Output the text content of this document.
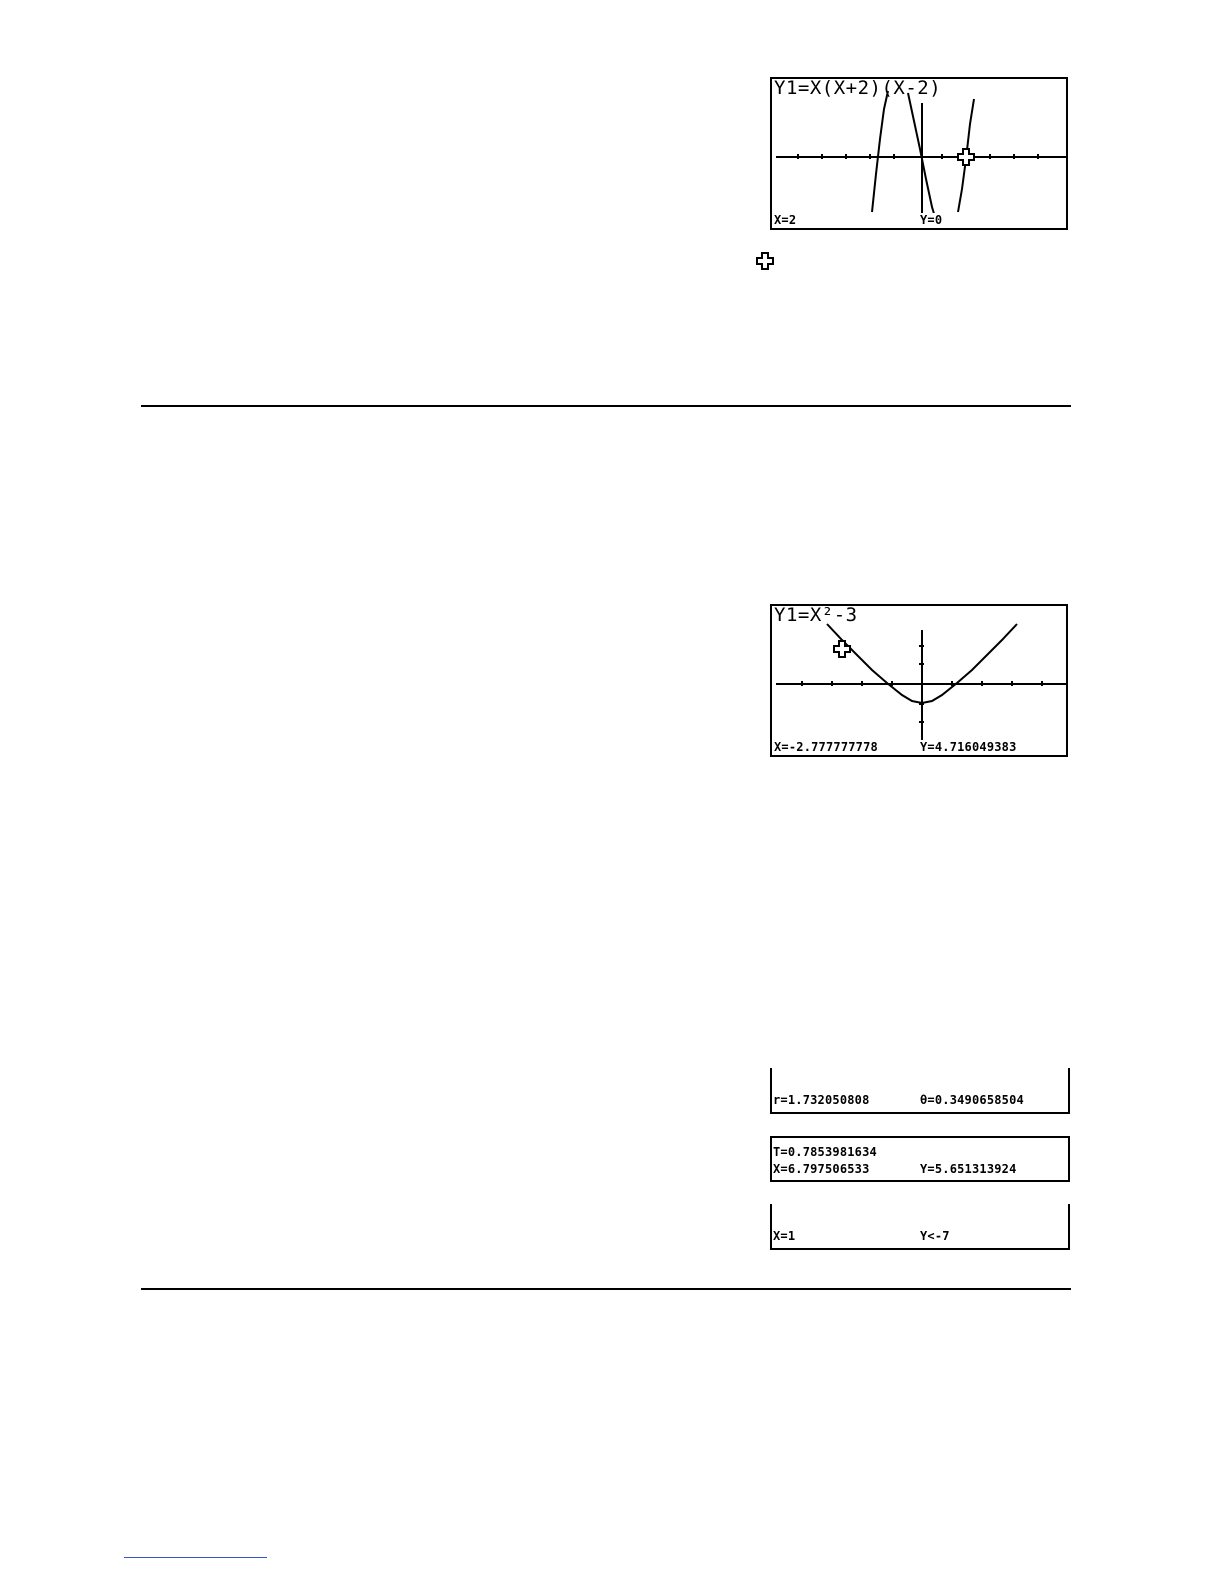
Y1=X(X+2)(X-2)
X=2	Y=0
Y1=X²-3
X=-2.777777778	Y=4.716049383
r=1.732050808	θ=0.3490658504
T=0.7853981634
X=6.797506533	Y=5.651313924
X=1	Y<-7
